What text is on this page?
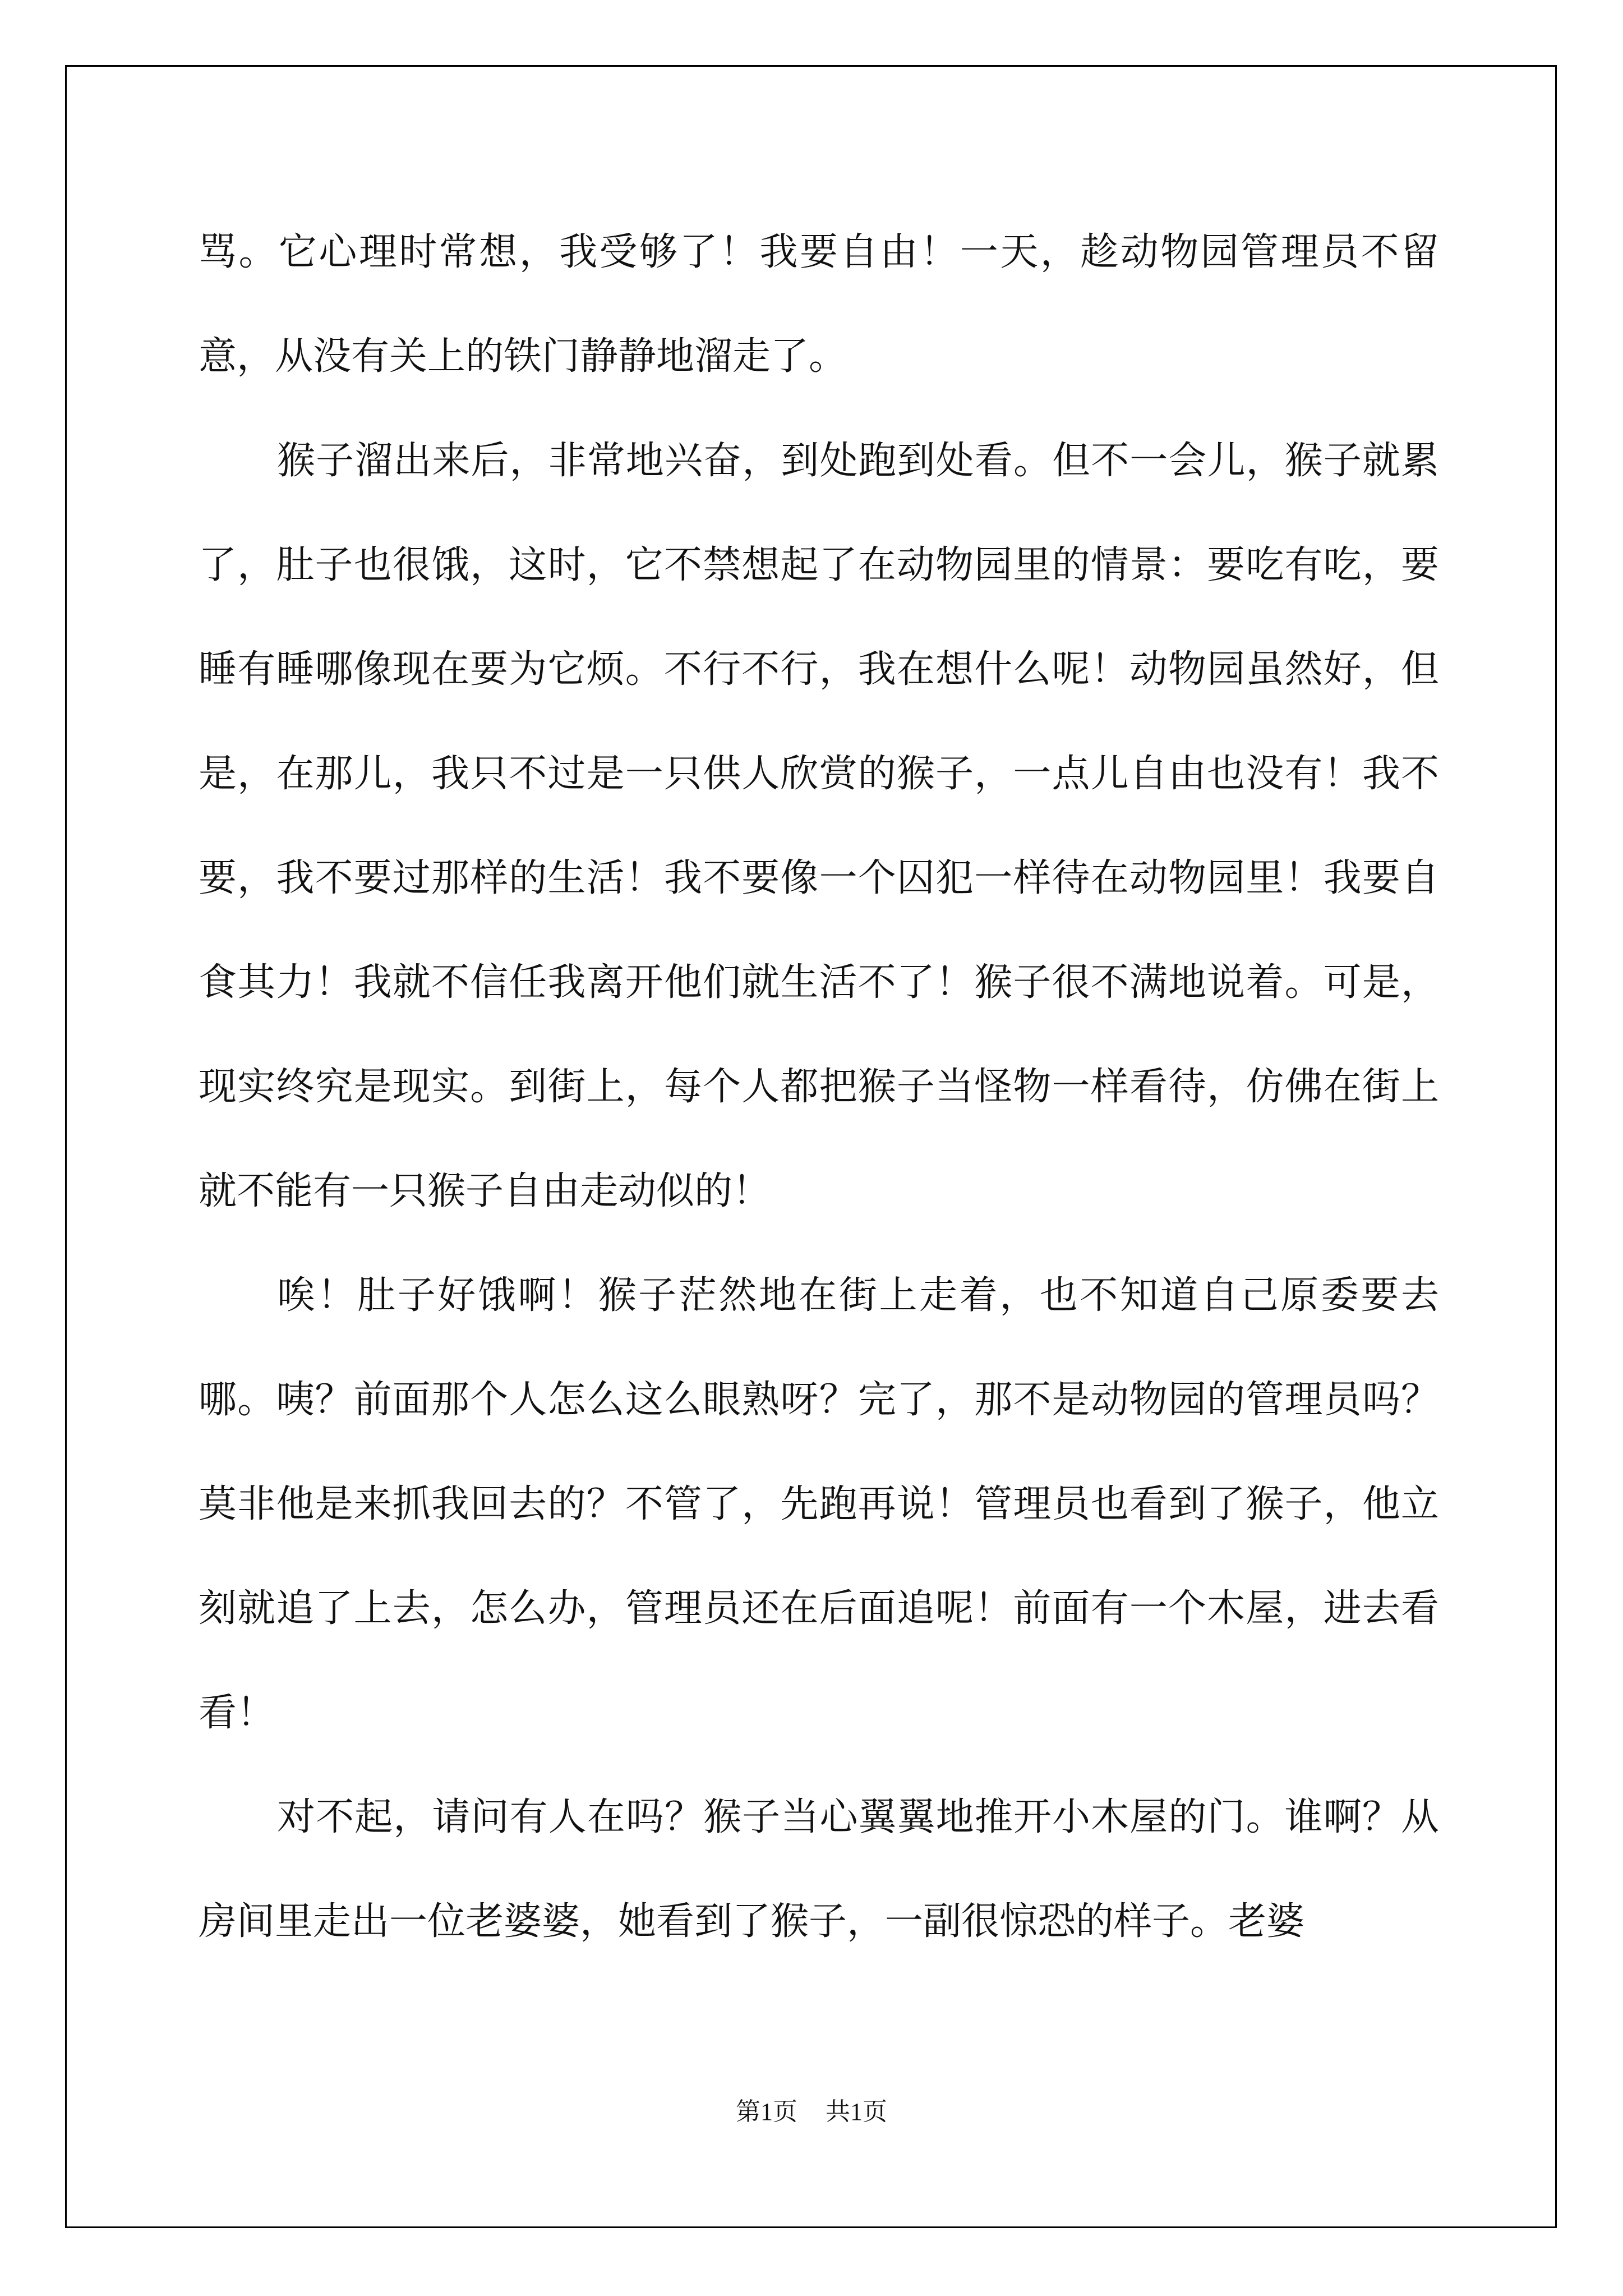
骂。它心理时常想，我受够了！我要自由！一天，趁动物园管理员不留意，从没有关上的铁门静静地溜走了。

猴子溜出来后，非常地兴奋，到处跑到处看。但不一会儿，猴子就累了，肚子也很饿，这时，它不禁想起了在动物园里的情景：要吃有吃，要睡有睡哪像现在要为它烦。不行不行，我在想什么呢！动物园虽然好，但是，在那儿，我只不过是一只供人欣赏的猴子，一点儿自由也没有！我不要，我不要过那样的生活！我不要像一个囚犯一样待在动物园里！我要自食其力！我就不信任我离开他们就生活不了！猴子很不满地说着。可是，现实终究是现实。到街上，每个人都把猴子当怪物一样看待，仿佛在街上就不能有一只猴子自由走动似的！

唉！肚子好饿啊！猴子茫然地在街上走着，也不知道自己原委要去哪。咦？前面那个人怎么这么眼熟呀？完了，那不是动物园的管理员吗？莫非他是来抓我回去的？不管了，先跑再说！管理员也看到了猴子，他立刻就追了上去，怎么办，管理员还在后面追呢！前面有一个木屋，进去看看！

对不起，请问有人在吗？猴子当心翼翼地推开小木屋的门。谁啊？从房间里走出一位老婆婆，她看到了猴子，一副很惊恐的样子。老婆

第1页 共1页
